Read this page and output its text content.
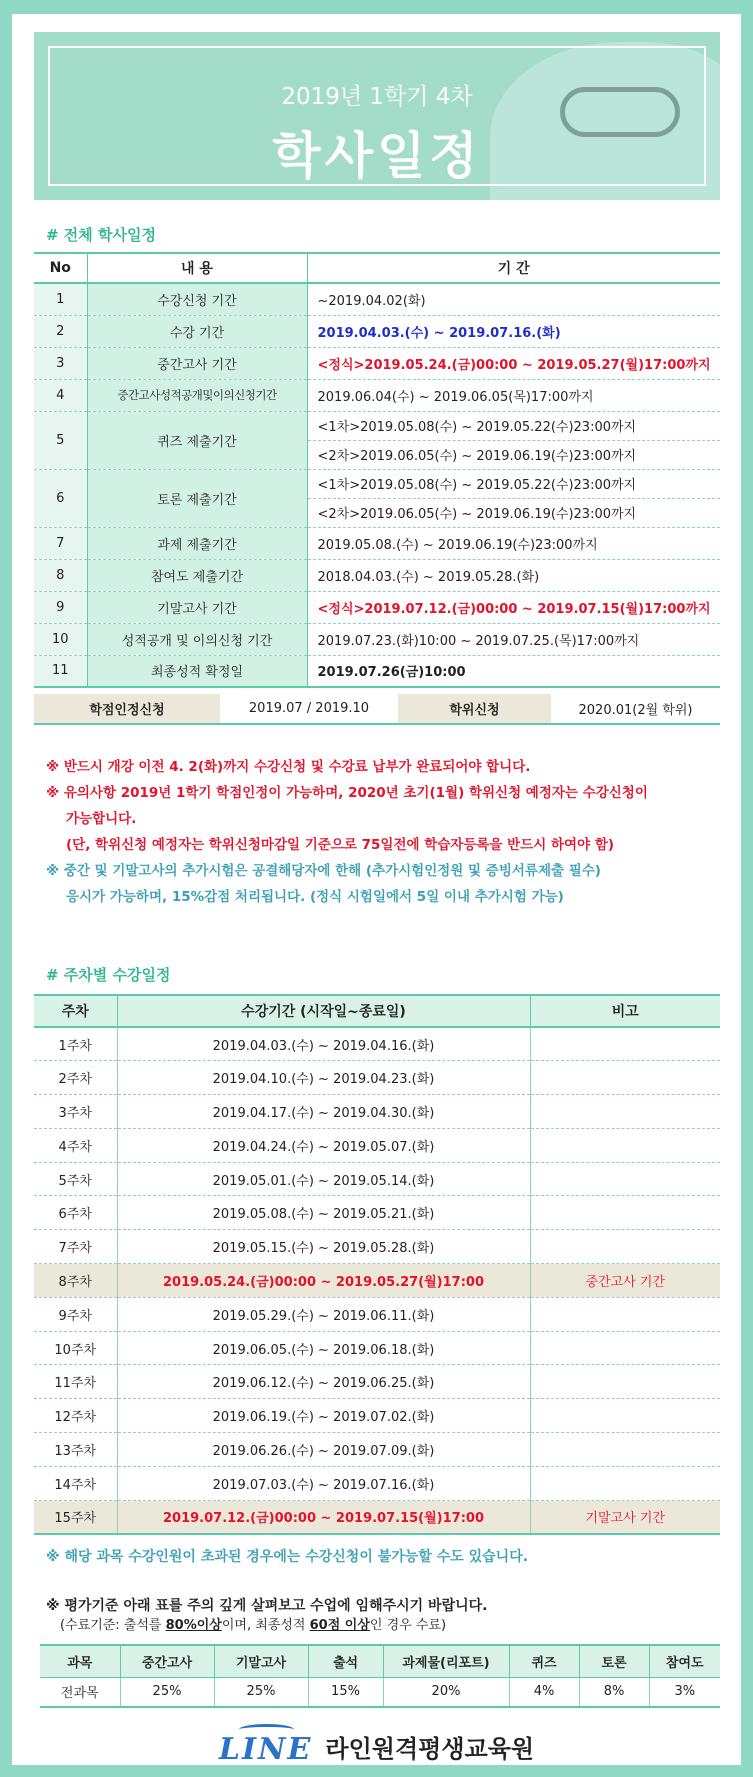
2019년 1학기 4차
학사일정
# 전체 학사일정
No	내 용	기 간
1	수강신청 기간	~2019.04.02(화)
2	수강 기간	2019.04.03.(수) ~ 2019.07.16.(화)
3	중간고사 기간	<정식>2019.05.24.(금)00:00 ~ 2019.05.27(월)17:00까지
4	중간고사성적공개및이의신청기간	2019.06.04(수) ~ 2019.06.05(목)17:00까지
5	퀴즈 제출기간	<1차>2019.05.08(수) ~ 2019.05.22(수)23:00까지
		<2차>2019.06.05(수) ~ 2019.06.19(수)23:00까지
6	토론 제출기간	<1차>2019.05.08(수) ~ 2019.05.22(수)23:00까지
		<2차>2019.06.05(수) ~ 2019.06.19(수)23:00까지
7	과제 제출기간	2019.05.08.(수) ~ 2019.06.19(수)23:00까지
8	참여도 제출기간	2018.04.03.(수) ~ 2019.05.28.(화)
9	기말고사 기간	<정식>2019.07.12.(금)00:00 ~ 2019.07.15(월)17:00까지
10	성적공개 및 이의신청 기간	2019.07.23.(화)10:00 ~ 2019.07.25.(목)17:00까지
11	최종성적 확정일	2019.07.26(금)10:00
학점인정신청	2019.07 / 2019.10	학위신청	2020.01(2월 학위)
※ 반드시 개강 이전 4. 2(화)까지 수강신청 및 수강료 납부가 완료되어야 합니다.
※ 유의사항 2019년 1학기 학점인정이 가능하며, 2020년 초기(1월) 학위신청 예정자는 수강신청이
가능합니다.
(단, 학위신청 예정자는 학위신청마감일 기준으로 75일전에 학습자등록을 반드시 하여야 함)
※ 중간 및 기말고사의 추가시험은 공결해당자에 한해 (추가시험인정원 및 증빙서류제출 필수)
응시가 가능하며, 15%감점 처리됩니다. (정식 시험일에서 5일 이내 추가시험 가능)
# 주차별 수강일정
주차	수강기간 (시작일~종료일)	비고
1주차	2019.04.03.(수) ~ 2019.04.16.(화)	
2주차	2019.04.10.(수) ~ 2019.04.23.(화)	
3주차	2019.04.17.(수) ~ 2019.04.30.(화)	
4주차	2019.04.24.(수) ~ 2019.05.07.(화)	
5주차	2019.05.01.(수) ~ 2019.05.14.(화)	
6주차	2019.05.08.(수) ~ 2019.05.21.(화)	
7주차	2019.05.15.(수) ~ 2019.05.28.(화)	
8주차	2019.05.24.(금)00:00 ~ 2019.05.27(월)17:00	중간고사 기간
9주차	2019.05.29.(수) ~ 2019.06.11.(화)	
10주차	2019.06.05.(수) ~ 2019.06.18.(화)	
11주차	2019.06.12.(수) ~ 2019.06.25.(화)	
12주차	2019.06.19.(수) ~ 2019.07.02.(화)	
13주차	2019.06.26.(수) ~ 2019.07.09.(화)	
14주차	2019.07.03.(수) ~ 2019.07.16.(화)	
15주차	2019.07.12.(금)00:00 ~ 2019.07.15(월)17:00	기말고사 기간
※ 해당 과목 수강인원이 초과된 경우에는 수강신청이 불가능할 수도 있습니다.
※ 평가기준 아래 표를 주의 깊게 살펴보고 수업에 임해주시기 바랍니다.
(수료기준: 출석를 80%이상이며, 최종성적 60점 이상인 경우 수료)
과목	중간고사	기말고사	출석	과제물(리포트)	퀴즈	토론	참여도
전과목	25%	25%	15%	20%	4%	8%	3%
LINE 라인원격평생교육원
